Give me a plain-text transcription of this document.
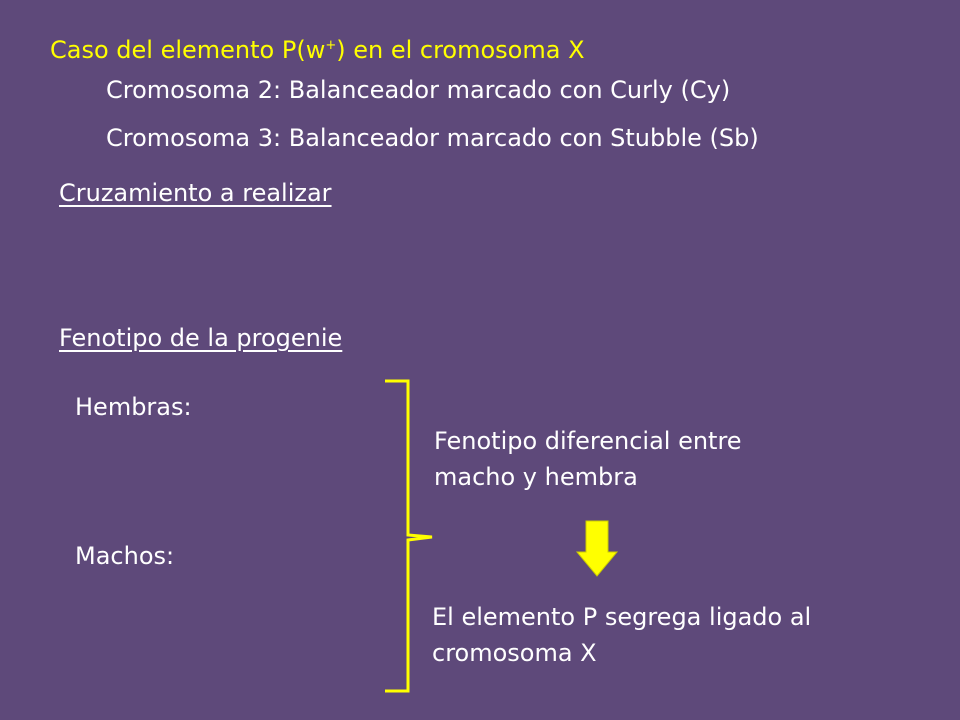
Caso del elemento P(w+) en el cromosoma X
Cromosoma 2: Balanceador marcado con Curly (Cy)
Cromosoma 3: Balanceador marcado con Stubble (Sb)
Cruzamiento a realizar
Fenotipo de la progenie
Hembras:
Machos:
Fenotipo diferencial entre macho y hembra
El elemento P segrega ligado al cromosoma X
